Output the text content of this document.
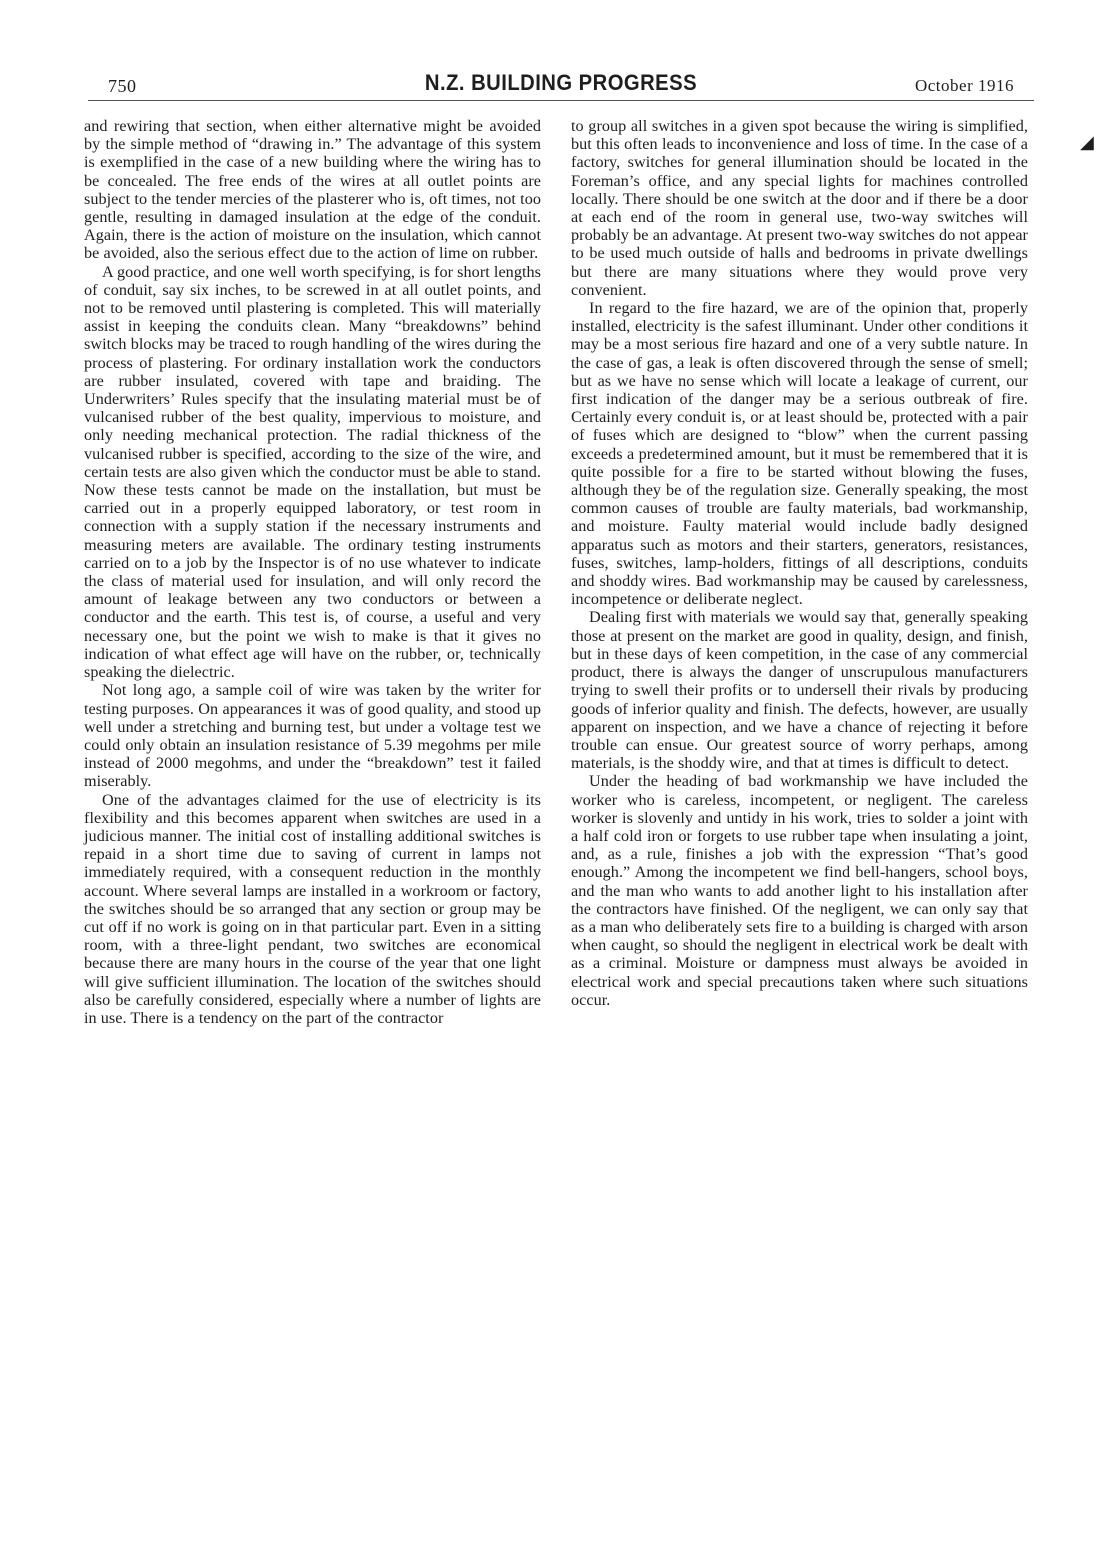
750	N.Z. BUILDING PROGRESS	October 1916

and rewiring that section, when either alternative might be avoided by the simple method of “drawing in.” The advantage of this system is exemplified in the case of a new building where the wiring has to be concealed. The free ends of the wires at all outlet points are subject to the tender mercies of the plasterer who is, oft times, not too gentle, resulting in damaged insulation at the edge of the conduit. Again, there is the action of moisture on the insulation, which cannot be avoided, also the serious effect due to the action of lime on rubber.

A good practice, and one well worth specifying, is for short lengths of conduit, say six inches, to be screwed in at all outlet points, and not to be removed until plastering is completed. This will materially assist in keeping the conduits clean. Many “breakdowns” behind switch blocks may be traced to rough handling of the wires during the process of plastering. For ordinary installation work the conductors are rubber insulated, covered with tape and braiding. The Underwriters’ Rules specify that the insulating material must be of vulcanised rubber of the best quality, impervious to moisture, and only needing mechanical protection. The radial thickness of the vulcanised rubber is specified, according to the size of the wire, and certain tests are also given which the conductor must be able to stand. Now these tests cannot be made on the installation, but must be carried out in a properly equipped laboratory, or test room in connection with a supply station if the necessary instruments and measuring meters are available. The ordinary testing instruments carried on to a job by the Inspector is of no use whatever to indicate the class of material used for insulation, and will only record the amount of leakage between any two conductors or between a conductor and the earth. This test is, of course, a useful and very necessary one, but the point we wish to make is that it gives no indication of what effect age will have on the rubber, or, technically speaking the dielectric.

Not long ago, a sample coil of wire was taken by the writer for testing purposes. On appearances it was of good quality, and stood up well under a stretching and burning test, but under a voltage test we could only obtain an insulation resistance of 5.39 megohms per mile instead of 2000 megohms, and under the “breakdown” test it failed miserably.

One of the advantages claimed for the use of electricity is its flexibility and this becomes apparent when switches are used in a judicious manner. The initial cost of installing additional switches is repaid in a short time due to saving of current in lamps not immediately required, with a consequent reduction in the monthly account. Where several lamps are installed in a workroom or factory, the switches should be so arranged that any section or group may be cut off if no work is going on in that particular part. Even in a sitting room, with a three-light pendant, two switches are economical because there are many hours in the course of the year that one light will give sufficient illumination. The location of the switches should also be carefully considered, especially where a number of lights are in use. There is a tendency on the part of the contractor

to group all switches in a given spot because the wiring is simplified, but this often leads to inconvenience and loss of time. In the case of a factory, switches for general illumination should be located in the Foreman’s office, and any special lights for machines controlled locally. There should be one switch at the door and if there be a door at each end of the room in general use, two-way switches will probably be an advantage. At present two-way switches do not appear to be used much outside of halls and bedrooms in private dwellings but there are many situations where they would prove very convenient.

In regard to the fire hazard, we are of the opinion that, properly installed, electricity is the safest illuminant. Under other conditions it may be a most serious fire hazard and one of a very subtle nature. In the case of gas, a leak is often discovered through the sense of smell; but as we have no sense which will locate a leakage of current, our first indication of the danger may be a serious outbreak of fire. Certainly every conduit is, or at least should be, protected with a pair of fuses which are designed to “blow” when the current passing exceeds a predetermined amount, but it must be remembered that it is quite possible for a fire to be started without blowing the fuses, although they be of the regulation size. Generally speaking, the most common causes of trouble are faulty materials, bad workmanship, and moisture. Faulty material would include badly designed apparatus such as motors and their starters, generators, resistances, fuses, switches, lamp-holders, fittings of all descriptions, conduits and shoddy wires. Bad workmanship may be caused by carelessness, incompetence or deliberate neglect.

Dealing first with materials we would say that, generally speaking those at present on the market are good in quality, design, and finish, but in these days of keen competition, in the case of any commercial product, there is always the danger of unscrupulous manufacturers trying to swell their profits or to undersell their rivals by producing goods of inferior quality and finish. The defects, however, are usually apparent on inspection, and we have a chance of rejecting it before trouble can ensue. Our greatest source of worry perhaps, among materials, is the shoddy wire, and that at times is difficult to detect.

Under the heading of bad workmanship we have included the worker who is careless, incompetent, or negligent. The careless worker is slovenly and untidy in his work, tries to solder a joint with a half cold iron or forgets to use rubber tape when insulating a joint, and, as a rule, finishes a job with the expression “That’s good enough.” Among the incompetent we find bell-hangers, school boys, and the man who wants to add another light to his installation after the contractors have finished. Of the negligent, we can only say that as a man who deliberately sets fire to a building is charged with arson when caught, so should the negligent in electrical work be dealt with as a criminal. Moisture or dampness must always be avoided in electrical work and special precautions taken where such situations occur.

◢
